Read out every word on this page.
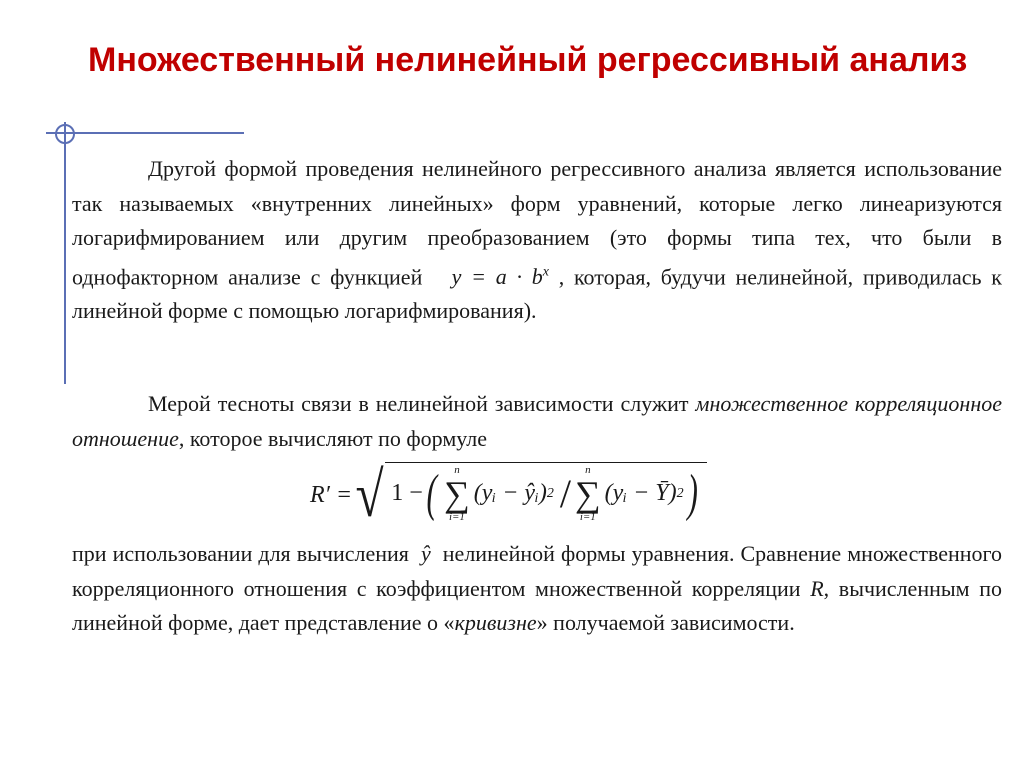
Множественный нелинейный регрессивный анализ

Другой формой проведения нелинейного регрессивного анализа является использование так называемых «внутренних линейных» форм уравнений, которые легко линеаризуются логарифмированием или другим преобразованием (это формы типа тех, что были в однофакторном анализе с функцией $y = a \cdot b^x$ , которая, будучи нелинейной, приводилась к линейной форме с помощью логарифмирования).

Мерой тесноты связи в нелинейной зависимости служит множественное корреляционное отношение, которое вычисляют по формуле

R′ = √ 1 − ( n
∑
i=1
(yᵢ − ŷᵢ) 2 /
n
∑
i=1
(yᵢ − Ȳ) 2 )

при использовании для вычисления ŷ нелинейной формы уравнения. Сравнение множественного корреляционного отношения с коэффициентом множественной корреляции R, вычисленным по линейной форме, дает представление о «кривизне» получаемой зависимости.
